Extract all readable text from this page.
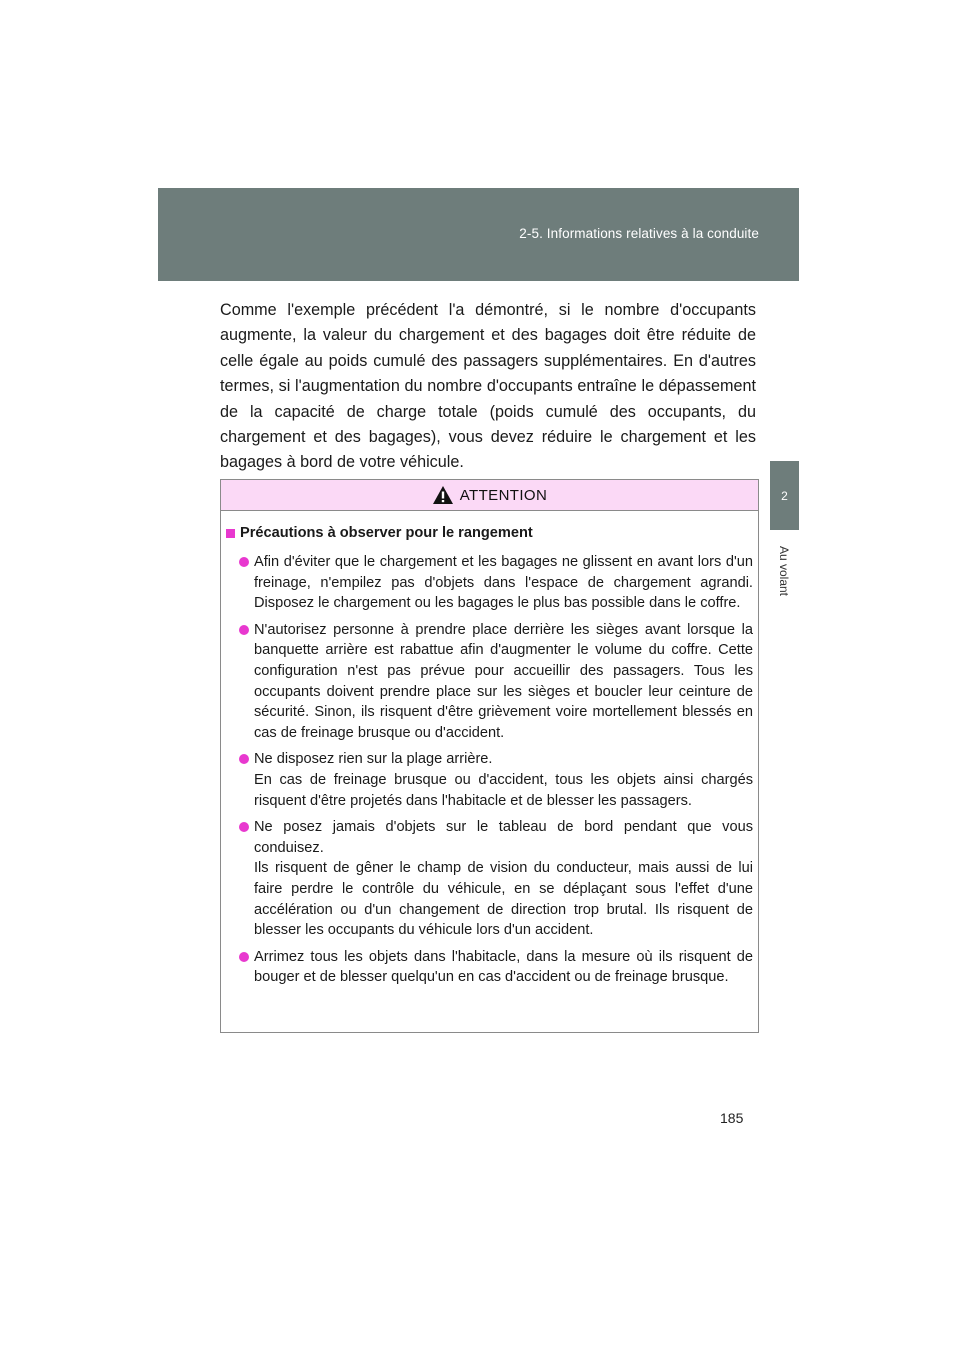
2-5. Informations relatives à la conduite
2
Au volant

Comme l'exemple précédent l'a démontré, si le nombre d'occupants augmente, la valeur du chargement et des bagages doit être réduite de celle égale au poids cumulé des passagers supplémentaires. En d'autres termes, si l'augmentation du nombre d'occupants entraîne le dépassement de la capacité de charge totale (poids cumulé des occupants, du chargement et des bagages), vous devez réduire le chargement et les bagages à bord de votre véhicule.

ATTENTION
Précautions à observer pour le rangement
Afin d'éviter que le chargement et les bagages ne glissent en avant lors d'un freinage, n'empilez pas d'objets dans l'espace de chargement agrandi. Disposez le chargement ou les bagages le plus bas possible dans le coffre.
N'autorisez personne à prendre place derrière les sièges avant lorsque la banquette arrière est rabattue afin d'augmenter le volume du coffre. Cette configuration n'est pas prévue pour accueillir des passagers. Tous les occupants doivent prendre place sur les sièges et boucler leur ceinture de sécurité. Sinon, ils risquent d'être grièvement voire mortellement blessés en cas de freinage brusque ou d'accident.
Ne disposez rien sur la plage arrière.
En cas de freinage brusque ou d'accident, tous les objets ainsi chargés risquent d'être projetés dans l'habitacle et de blesser les passagers.
Ne posez jamais d'objets sur le tableau de bord pendant que vous conduisez.
Ils risquent de gêner le champ de vision du conducteur, mais aussi de lui faire perdre le contrôle du véhicule, en se déplaçant sous l'effet d'une accélération ou d'un changement de direction trop brutal. Ils risquent de blesser les occupants du véhicule lors d'un accident.
Arrimez tous les objets dans l'habitacle, dans la mesure où ils risquent de bouger et de blesser quelqu'un en cas d'accident ou de freinage brusque.
185
